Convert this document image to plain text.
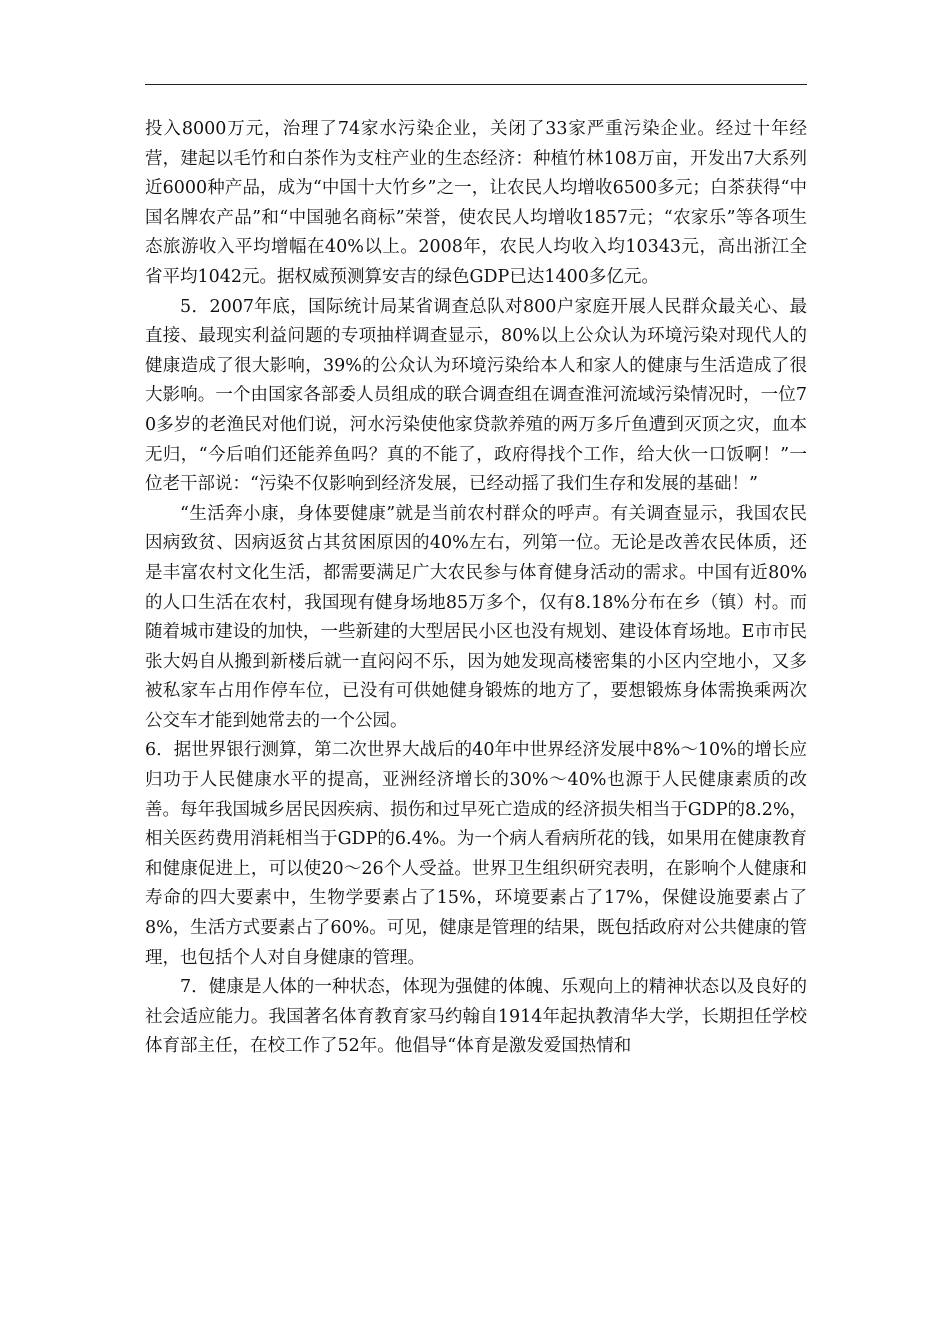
投入8000万元，治理了74家水污染企业，关闭了33家严重污染企业。经过十年经营，建起以毛竹和白茶作为支柱产业的生态经济：种植竹林108万亩，开发出7大系列近6000种产品，成为“中国十大竹乡”之一，让农民人均增收6500多元；白茶获得“中国名牌农产品”和“中国驰名商标”荣誉，使农民人均增收1857元；“农家乐”等各项生态旅游收入平均增幅在40%以上。2008年，农民人均收入均10343元，高出浙江全省平均1042元。据权威预测算安吉的绿色GDP已达1400多亿元。

5．2007年底，国际统计局某省调查总队对800户家庭开展人民群众最关心、最直接、最现实利益问题的专项抽样调查显示，80%以上公众认为环境污染对现代人的健康造成了很大影响，39%的公众认为环境污染给本人和家人的健康与生活造成了很大影响。一个由国家各部委人员组成的联合调查组在调查淮河流域污染情况时，一位70多岁的老渔民对他们说，河水污染使他家贷款养殖的两万多斤鱼遭到灭顶之灾，血本无归，“今后咱们还能养鱼吗？真的不能了，政府得找个工作，给大伙一口饭啊！”一位老干部说：“污染不仅影响到经济发展，已经动摇了我们生存和发展的基础！”

“生活奔小康，身体要健康”就是当前农村群众的呼声。有关调查显示，我国农民因病致贫、因病返贫占其贫困原因的40%左右，列第一位。无论是改善农民体质，还是丰富农村文化生活，都需要满足广大农民参与体育健身活动的需求。中国有近80%的人口生活在农村，我国现有健身场地85万多个，仅有8.18%分布在乡（镇）村。而随着城市建设的加快，一些新建的大型居民小区也没有规划、建设体育场地。E市市民张大妈自从搬到新楼后就一直闷闷不乐，因为她发现高楼密集的小区内空地小，又多被私家车占用作停车位，已没有可供她健身锻炼的地方了，要想锻炼身体需换乘两次公交车才能到她常去的一个公园。

6．据世界银行测算，第二次世界大战后的40年中世界经济发展中8%～10%的增长应归功于人民健康水平的提高，亚洲经济增长的30%～40%也源于人民健康素质的改善。每年我国城乡居民因疾病、损伤和过早死亡造成的经济损失相当于GDP的8.2%，相关医药费用消耗相当于GDP的6.4%。为一个病人看病所花的钱，如果用在健康教育和健康促进上，可以使20～26个人受益。世界卫生组织研究表明，在影响个人健康和寿命的四大要素中，生物学要素占了15%，环境要素占了17%，保健设施要素占了8%，生活方式要素占了60%。可见，健康是管理的结果，既包括政府对公共健康的管理，也包括个人对自身健康的管理。

7．健康是人体的一种状态，体现为强健的体魄、乐观向上的精神状态以及良好的社会适应能力。我国著名体育教育家马约翰自1914年起执教清华大学，长期担任学校体育部主任，在校工作了52年。他倡导“体育是激发爱国热情和
